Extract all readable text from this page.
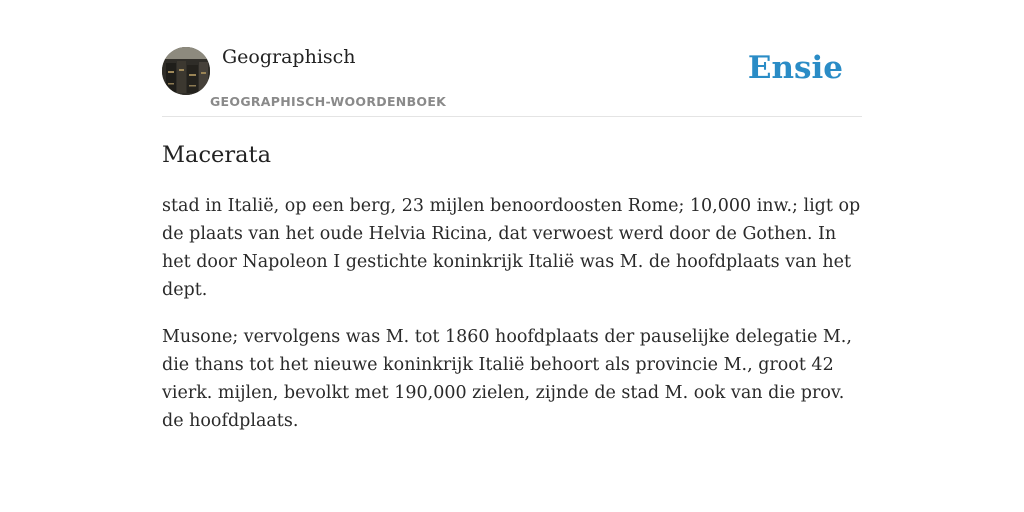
Geographisch
GEOGRAPHISCH-WOORDENBOEK
Ensie
Macerata

stad in Italië, op een berg, 23 mijlen benoordoosten Rome; 10,000 inw.; ligt op de plaats van het oude Helvia Ricina, dat verwoest werd door de Gothen. In het door Napoleon I gestichte koninkrijk Italië was M. de hoofdplaats van het dept.

Musone; vervolgens was M. tot 1860 hoofdplaats der pauselijke delegatie M., die thans tot het nieuwe koninkrijk Italië behoort als provincie M., groot 42 vierk. mijlen, bevolkt met 190,000 zielen, zijnde de stad M. ook van die prov. de hoofdplaats.
